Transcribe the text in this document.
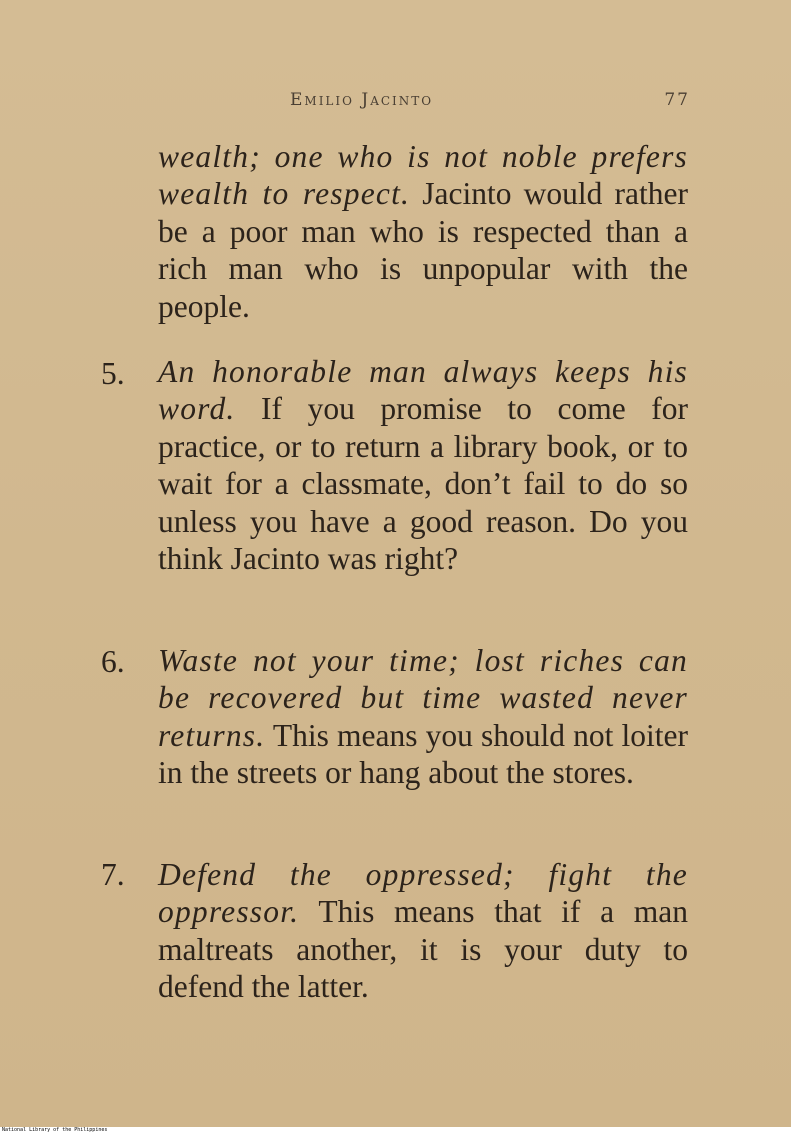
Emilio Jacinto	77
wealth; one who is not noble prefers wealth to respect. Jacinto would rather be a poor man who is respected than a rich man who is unpopular with the people.
5. An honorable man always keeps his word. If you promise to come for practice, or to return a library book, or to wait for a classmate, don’t fail to do so unless you have a good reason. Do you think Jacinto was right?
6. Waste not your time; lost riches can be recovered but time wasted never returns. This means you should not loiter in the streets or hang about the stores.
7. Defend the oppressed; fight the oppressor. This means that if a man maltreats another, it is your duty to defend the latter.
National Library of the Philippines
